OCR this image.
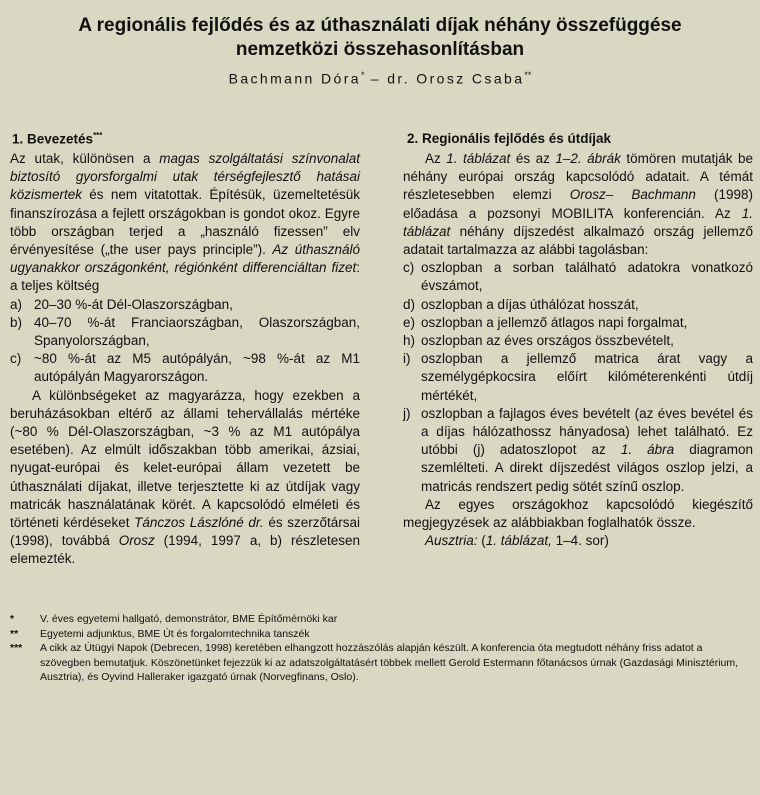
A regionális fejlődés és az úthasználati díjak néhány összefüggése
nemzetközi összehasonlításban
Bachmann Dóra* – dr. Orosz Csaba**
1. Bevezetés***	2. Regionális fejlődés és útdíjak

Az utak, különösen a magas szolgáltatási színvonalat biztosító gyorsforgalmi utak térségfejlesztő hatásai közismertek és nem vitatottak. Építésük, üzemeltetésük finanszírozása a fejlett országokban is gondot okoz. Egyre több országban terjed a „használó fizessen” elv érvényesítése („the user pays principle”). Az úthasználó ugyanakkor országonként, régiónként differenciáltan fizet: a teljes költség

a) 20–30 %-át Dél-Olaszországban,
b) 40–70 %-át Franciaországban, Olaszországban, Spanyolországban,
c) ~80 %-át az M5 autópályán, ~98 %-át az M1 autópályán Magyarországon.

A különbségeket az magyarázza, hogy ezekben a beruházásokban eltérő az állami tehervállalás mértéke (~80 % Dél-Olaszországban, ~3 % az M1 autópálya esetében). Az elmúlt időszakban több amerikai, ázsiai, nyugat-európai és kelet-európai állam vezetett be úthasználati díjakat, illetve terjesztette ki az útdíjak vagy matricák használatának körét. A kapcsolódó elméleti és történeti kérdéseket Tánczos Lászlóné dr. és szerzőtársai (1998), továbbá Orosz (1994, 1997 a, b) részletesen elemezték.

Az 1. táblázat és az 1–2. ábrák tömören mutatják be néhány európai ország kapcsolódó adatait. A témát részletesebben elemzi Orosz– Bachmann (1998) előadása a pozsonyi MOBILITA konferencián. Az 1. táblázat néhány díjszedést alkalmazó ország jellemző adatait tartalmazza az alábbi tagolásban:

c) oszlopban a sorban található adatokra vonatkozó évszámot,
d) oszlopban a díjas úthálózat hosszát,
e) oszlopban a jellemző átlagos napi forgalmat,
h) oszlopban az éves országos összbevételt,
i) oszlopban a jellemző matrica árat vagy a személygépkocsira előírt kilóméterenkénti útdíj mértékét,
j) oszlopban a fajlagos éves bevételt (az éves bevétel és a díjas hálózathossz hányadosa) lehet található. Ez utóbbi (j) adatoszlopot az 1. ábra diagramon szemlélteti. A direkt díjszedést világos oszlop jelzi, a matricás rendszert pedig sötét színű oszlop.

Az egyes országokhoz kapcsolódó kiegészítő megjegyzések az alábbiakban foglalhatók össze.

Ausztria: (1. táblázat, 1–4. sor)

* V. éves egyetemi hallgató, demonstrátor, BME Építőmérnöki kar
** Egyetemi adjunktus, BME Út és forgalomtechnika tanszék
*** A cikk az Útügyi Napok (Debrecen, 1998) keretében elhangzott hozzászólás alapján készült. A konferencia óta megtudott néhány friss adatot a szövegben bemutatjuk. Köszönetünket fejezzük ki az adatszolgáltatásért többek mellett Gerold Estermann főtanácsos úrnak (Gazdasági Minisztérium, Ausztria), és Oyvind Halleraker igazgató úrnak (Norvegfinans, Oslo).
